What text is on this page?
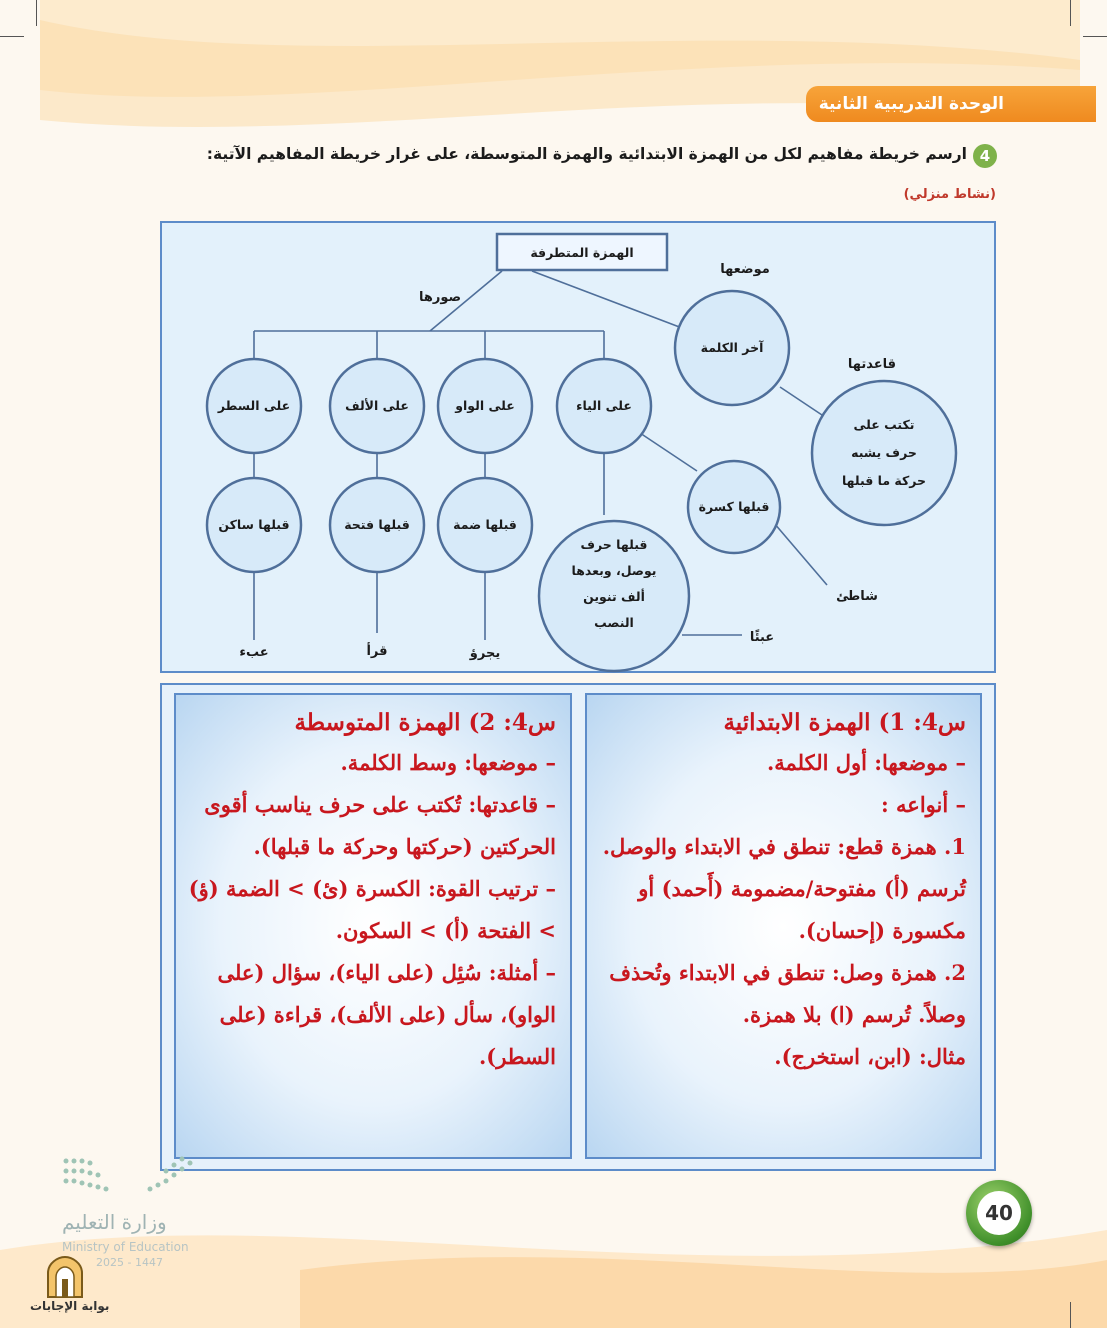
الوحدة التدريبية الثانية
4
ارسم خريطة مفاهيم لكل من الهمزة الابتدائية والهمزة المتوسطة، على غرار خريطة المفاهيم الآتية:
(نشاط منزلي)
الهمزة المتطرفة
موضعها
صورها
قاعدتها
آخر الكلمة
تكتب على
حرف يشبه
حركة ما قبلها
على السطر	على الألف	على الواو	على الياء
قبلها ساكن	قبلها فتحة	قبلها ضمة
قبلها كسرة
قبلها حرف
يوصل، وبعدها
ألف تنوين
النصب
عبء	قرأ	يجرؤ
شاطئ
عبئًا
س4: 1) الهمزة الابتدائية

– موضعها: أول الكلمة.

– أنواعه :

1. همزة قطع: تنطق في الابتداء والوصل. تُرسم (أ) مفتوحة/مضمومة (أَحمد) أو مكسورة (إحسان).

2. همزة وصل: تنطق في الابتداء وتُحذف وصلاً. تُرسم (ا) بلا همزة.

مثال: (ابن، استخرج).

س4: 2) الهمزة المتوسطة

– موضعها: وسط الكلمة.

– قاعدتها: تُكتب على حرف يناسب أقوى الحركتين (حركتها وحركة ما قبلها).

– ترتيب القوة: الكسرة (ئ) > الضمة (ؤ) > الفتحة (أ) > السكون.

– أمثلة: سُئِل (على الياء)، سؤال (على الواو)، سأل (على الألف)، قراءة (على السطر).

40
وزارة التعليم
Ministry of Education
2025 - 1447
بوابة الإجابات
